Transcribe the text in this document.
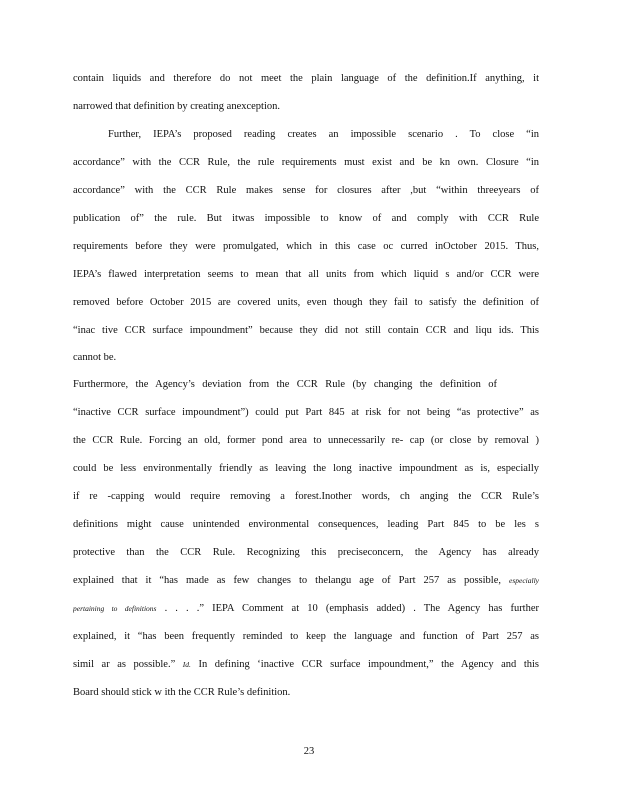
contain liquids and therefore do not meet the plain language of the definition.If anything, it
narrowed that definition by creating anexception.
Further, IEPA’s proposed reading creates an impossible scenario . To close “in
accordance” with the CCR Rule, the rule requirements must exist and be kn own. Closure “in
accordance” with the CCR Rule makes sense for closures after ,but “within threeyears of
publication of” the rule. But itwas impossible to know of and comply with CCR Rule
requirements before they were promulgated, which in this case oc curred inOctober 2015. Thus,
IEPA’s flawed interpretation seems to mean that all units from which liquid s and/or CCR were
removed before October 2015 are covered units, even though they fail to satisfy the definition of
“inac tive CCR surface impoundment” because they did not still contain CCR and liqu ids. This
cannot be.
Furthermore, the Agency’s deviation from the CCR Rule (by changing the definition of
“inactive CCR surface impoundment”) could put Part 845 at risk for not being “as protective” as
the CCR Rule. Forcing an old, former pond area to unnecessarily re- cap (or close by removal )
could be less environmentally friendly as leaving the long inactive impoundment as is, especially
if re -capping would require removing a forest.Inother words, ch anging the CCR Rule’s
definitions might cause unintended environmental consequences, leading Part 845 to be les s
protective than the CCR Rule. Recognizing this preciseconcern, the Agency has already
explained that it “has made as few changes to thelangu age of Part 257 as possible, especially
pertaining to definitions . . . .” IEPA Comment at 10 (emphasis added) . The Agency has further
explained, it “has been frequently reminded to keep the language and function of Part 257 as
simil ar as possible.” Id. In defining ‘inactive CCR surface impoundment,” the Agency and this
Board should stick w ith the CCR Rule’s definition.
23
